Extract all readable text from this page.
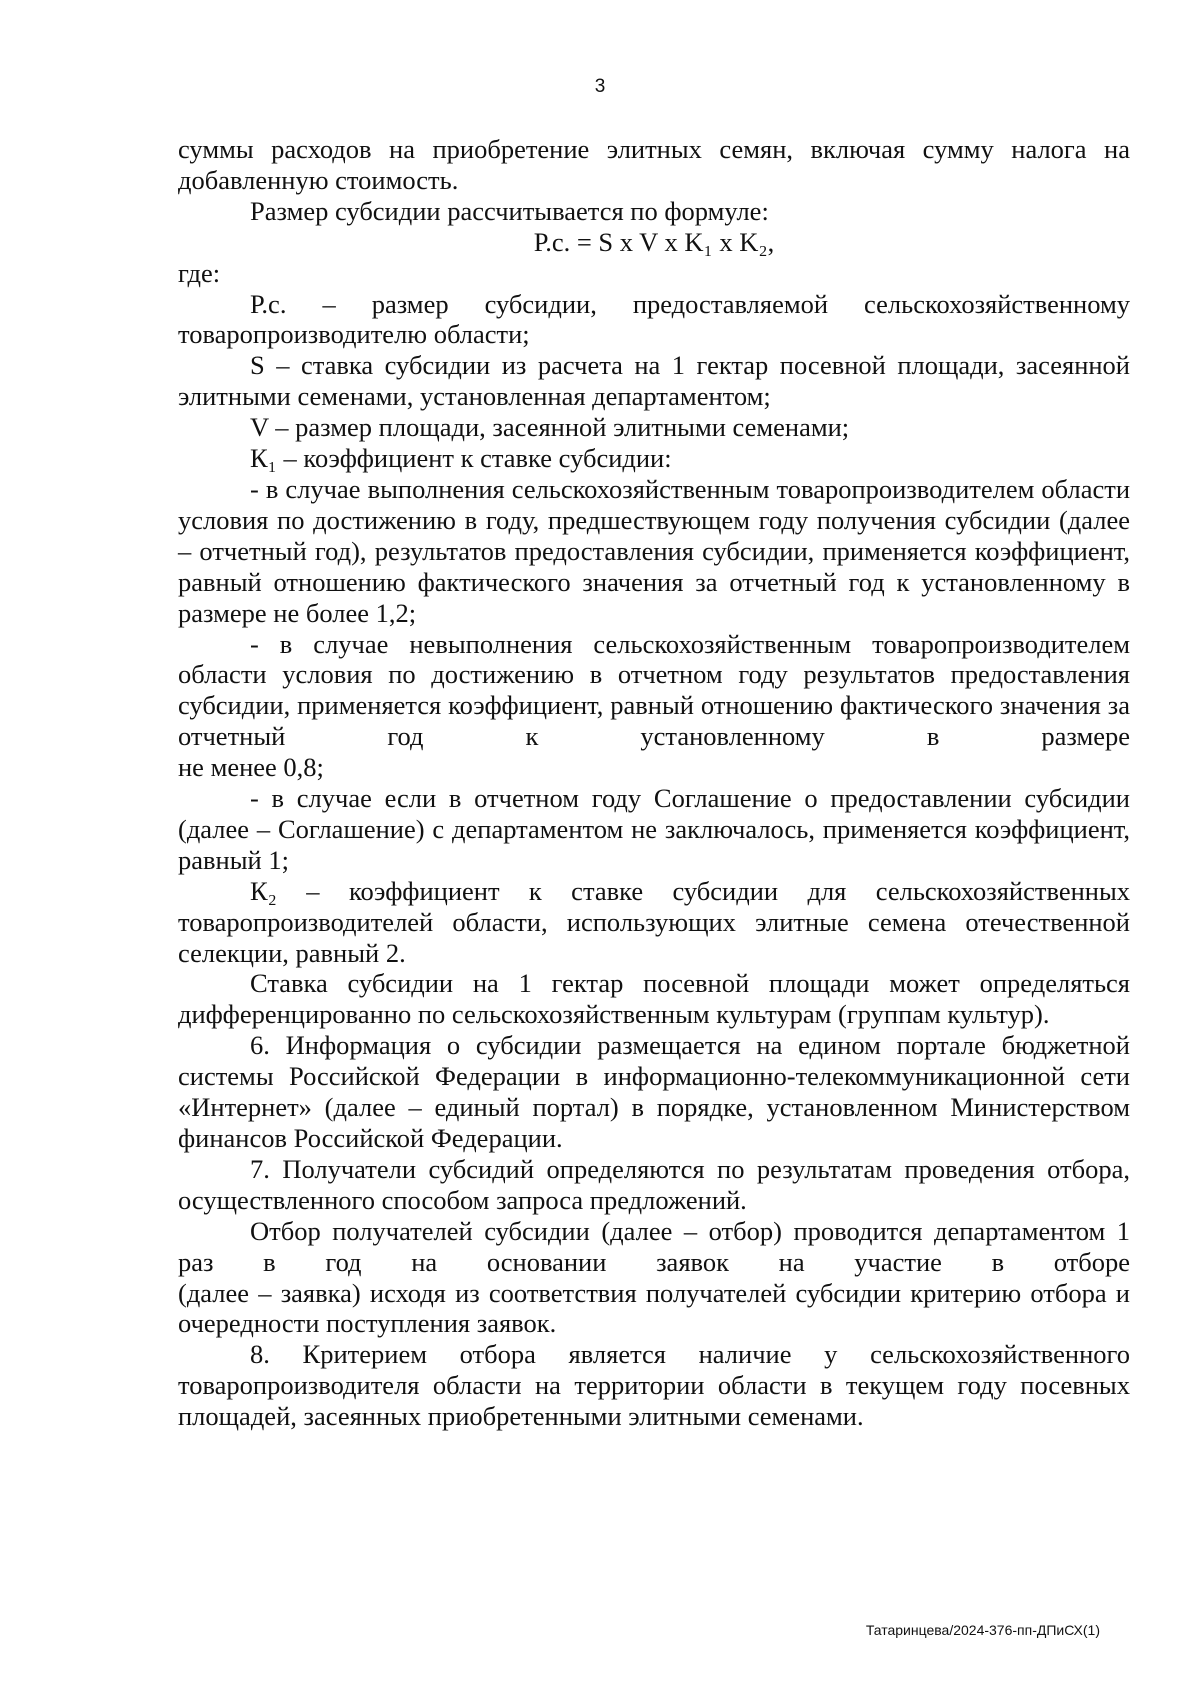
3

суммы расходов на приобретение элитных семян, включая сумму налога на добавленную стоимость.

Размер субсидии рассчитывается по формуле:

Р.с. = S x V x K₁ x K₂,

где:

Р.с. – размер субсидии, предоставляемой сельскохозяйственному товаропроизводителю области;

S – ставка субсидии из расчета на 1 гектар посевной площади, засеянной элитными семенами, установленная департаментом;

V – размер площади, засеянной элитными семенами;

К₁ – коэффициент к ставке субсидии:

- в случае выполнения сельскохозяйственным товаропроизводителем области условия по достижению в году, предшествующем году получения субсидии (далее – отчетный год), результатов предоставления субсидии, применяется коэффициент, равный отношению фактического значения за отчетный год к установленному в размере не более 1,2;

- в случае невыполнения сельскохозяйственным товаропроизводителем области условия по достижению в отчетном году результатов предоставления субсидии, применяется коэффициент, равный отношению фактического значения за отчетный год к установленному в размере

не менее 0,8;

- в случае если в отчетном году Соглашение о предоставлении субсидии (далее – Соглашение) с департаментом не заключалось, применяется коэффициент, равный 1;

К₂ – коэффициент к ставке субсидии для сельскохозяйственных товаропроизводителей области, использующих элитные семена отечественной селекции, равный 2.

Ставка субсидии на 1 гектар посевной площади может определяться дифференцированно по сельскохозяйственным культурам (группам культур).

6. Информация о субсидии размещается на едином портале бюджетной системы Российской Федерации в информационно-телекоммуникационной сети «Интернет» (далее – единый портал) в порядке, установленном Министерством финансов Российской Федерации.

7. Получатели субсидий определяются по результатам проведения отбора, осуществленного способом запроса предложений.

Отбор получателей субсидии (далее – отбор) проводится департаментом 1 раз в год на основании заявок на участие в отборе

(далее – заявка) исходя из соответствия получателей субсидии критерию отбора и очередности поступления заявок.

8. Критерием отбора является наличие у сельскохозяйственного товаропроизводителя области на территории области в текущем году посевных площадей, засеянных приобретенными элитными семенами.

Татаринцева/2024-376-пп-ДПиСХ(1)
